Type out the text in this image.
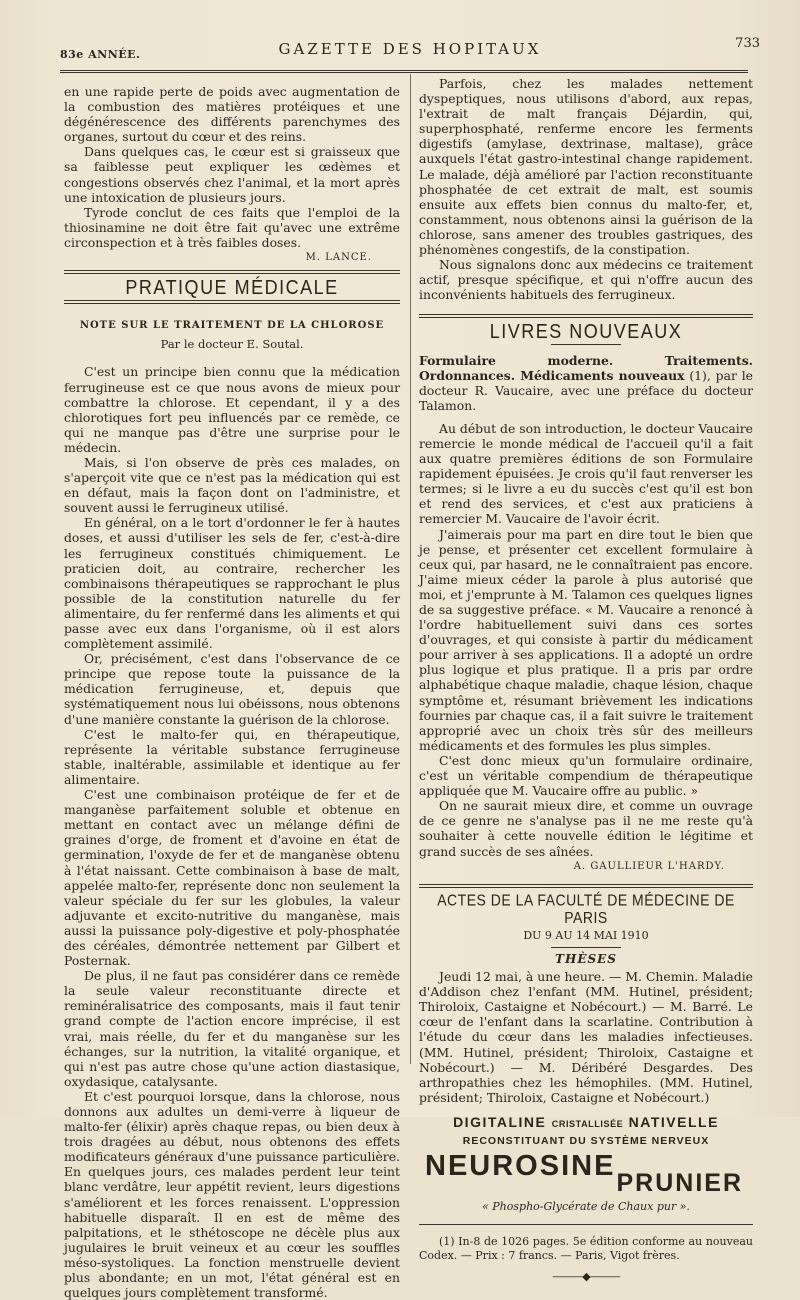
83e ANNÉE.	GAZETTE DES HOPITAUX	733

en une rapide perte de poids avec augmentation de la combustion des matières protéiques et une dégénérescence des différents parenchymes des organes, surtout du cœur et des reins.

Dans quelques cas, le cœur est si graisseux que sa faiblesse peut expliquer les œdèmes et congestions observés chez l'animal, et la mort après une intoxication de plusieurs jours.

Tyrode conclut de ces faits que l'emploi de la thiosinamine ne doit être fait qu'avec une extrême circonspection et à très faibles doses.

M. LANCE.
PRATIQUE MÉDICALE
NOTE SUR LE TRAITEMENT DE LA CHLOROSE
Par le docteur E. Soutal.

C'est un principe bien connu que la médication ferrugineuse est ce que nous avons de mieux pour combattre la chlorose. Et cependant, il y a des chlorotiques fort peu influencés par ce remède, ce qui ne manque pas d'être une surprise pour le médecin.

Mais, si l'on observe de près ces malades, on s'aperçoit vite que ce n'est pas la médication qui est en défaut, mais la façon dont on l'administre, et souvent aussi le ferrugineux utilisé.

En général, on a le tort d'ordonner le fer à hautes doses, et aussi d'utiliser les sels de fer, c'est-à-dire les ferrugineux constitués chimiquement. Le praticien doit, au contraire, rechercher les combinaisons thérapeutiques se rapprochant le plus possible de la constitution naturelle du fer alimentaire, du fer renfermé dans les aliments et qui passe avec eux dans l'organisme, où il est alors complètement assimilé.

Or, précisément, c'est dans l'observance de ce principe que repose toute la puissance de la médication ferrugineuse, et, depuis que systématiquement nous lui obéissons, nous obtenons d'une manière constante la guérison de la chlorose.

C'est le malto-fer qui, en thérapeutique, représente la véritable substance ferrugineuse stable, inaltérable, assimilable et identique au fer alimentaire.

C'est une combinaison protéique de fer et de manganèse parfaitement soluble et obtenue en mettant en contact avec un mélange défini de graines d'orge, de froment et d'avoine en état de germination, l'oxyde de fer et de manganèse obtenu à l'état naissant. Cette combinaison à base de malt, appelée malto-fer, représente donc non seulement la valeur spéciale du fer sur les globules, la valeur adjuvante et excito-nutritive du manganèse, mais aussi la puissance poly-digestive et poly-phosphatée des céréales, démontrée nettement par Gilbert et Posternak.

De plus, il ne faut pas considérer dans ce remède la seule valeur reconstituante directe et reminéralisatrice des composants, mais il faut tenir grand compte de l'action encore imprécise, il est vrai, mais réelle, du fer et du manganèse sur les échanges, sur la nutrition, la vitalité organique, et qui n'est pas autre chose qu'une action diastasique, oxydasique, catalysante.

Et c'est pourquoi lorsque, dans la chlorose, nous donnons aux adultes un demi-verre à liqueur de malto-fer (élixir) après chaque repas, ou bien deux à trois dragées au début, nous obtenons des effets modificateurs généraux d'une puissance particulière. En quelques jours, ces malades perdent leur teint blanc verdâtre, leur appétit revient, leurs digestions s'améliorent et les forces renaissent. L'oppression habituelle disparaît. Il en est de même des palpitations, et le sthétoscope ne décèle plus aux jugulaires le bruit veineux et au cœur les souffles méso-systoliques. La fonction menstruelle devient plus abondante; en un mot, l'état général est en quelques jours complètement transformé.

Parfois, chez les malades nettement dyspeptiques, nous utilisons d'abord, aux repas, l'extrait de malt français Déjardin, qui, superphosphaté, renferme encore les ferments digestifs (amylase, dextrinase, maltase), grâce auxquels l'état gastro-intestinal change rapidement. Le malade, déjà amélioré par l'action reconstituante phosphatée de cet extrait de malt, est soumis ensuite aux effets bien connus du malto-fer, et, constamment, nous obtenons ainsi la guérison de la chlorose, sans amener des troubles gastriques, des phénomènes congestifs, de la constipation.

Nous signalons donc aux médecins ce traitement actif, presque spécifique, et qui n'offre aucun des inconvénients habituels des ferrugineux.

LIVRES NOUVEAUX

Formulaire moderne. Traitements. Ordonnances. Médicaments nouveaux (1), par le docteur R. Vaucaire, avec une préface du docteur Talamon.

Au début de son introduction, le docteur Vaucaire remercie le monde médical de l'accueil qu'il a fait aux quatre premières éditions de son Formulaire rapidement épuisées. Je crois qu'il faut renverser les termes; si le livre a eu du succès c'est qu'il est bon et rend des services, et c'est aux praticiens à remercier M. Vaucaire de l'avoir écrit.

J'aimerais pour ma part en dire tout le bien que je pense, et présenter cet excellent formulaire à ceux qui, par hasard, ne le connaîtraient pas encore. J'aime mieux céder la parole à plus autorisé que moi, et j'emprunte à M. Talamon ces quelques lignes de sa suggestive préface. « M. Vaucaire a renoncé à l'ordre habituellement suivi dans ces sortes d'ouvrages, et qui consiste à partir du médicament pour arriver à ses applications. Il a adopté un ordre plus logique et plus pratique. Il a pris par ordre alphabétique chaque maladie, chaque lésion, chaque symptôme et, résumant brièvement les indications fournies par chaque cas, il a fait suivre le traitement approprié avec un choix très sûr des meilleurs médicaments et des formules les plus simples.

C'est donc mieux qu'un formulaire ordinaire, c'est un véritable compendium de thérapeutique appliquée que M. Vaucaire offre au public. »

On ne saurait mieux dire, et comme un ouvrage de ce genre ne s'analyse pas il ne me reste qu'à souhaiter à cette nouvelle édition le légitime et grand succès de ses aînées.

A. GAULLIEUR L'HARDY.
ACTES DE LA FACULTÉ DE MÉDECINE DE PARIS
DU 9 AU 14 MAI 1910
THÈSES

Jeudi 12 mai, à une heure. — M. Chemin. Maladie d'Addison chez l'enfant (MM. Hutinel, président; Thiroloix, Castaigne et Nobécourt.) — M. Barré. Le cœur de l'enfant dans la scarlatine. Contribution à l'étude du cœur dans les maladies infectieuses. (MM. Hutinel, président; Thiroloix, Castaigne et Nobécourt.) — M. Déribéré Desgardes. Des arthropathies chez les hémophiles. (MM. Hutinel, président; Thiroloix, Castaigne et Nobécourt.)

DIGITALINE CRISTALLISÉE NATIVELLE
RECONSTITUANT DU SYSTÈME NERVEUX
NEUROSINE
PRUNIER
« Phospho-Glycérate de Chaux pur ».

(1) In-8 de 1026 pages. 5e édition conforme au nouveau Codex. — Prix : 7 francs. — Paris, Vigot frères.

———◆———
